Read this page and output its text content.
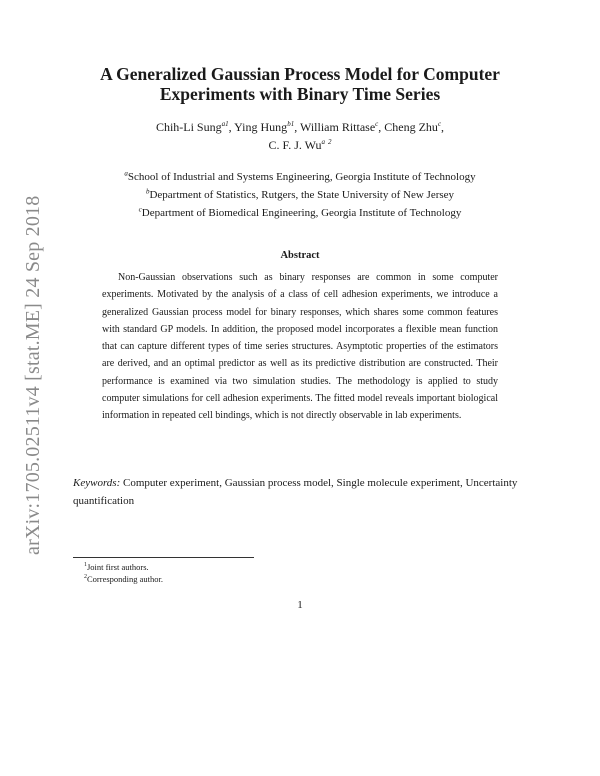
arXiv:1705.02511v4 [stat.ME] 24 Sep 2018
A Generalized Gaussian Process Model for Computer
Experiments with Binary Time Series
Chih-Li Sung$^{a1}$, Ying Hung$^{b1}$, William Rittase$^c$, Cheng Zhu$^c$,
C. F. J. Wu$^a$ $^2$
$^a$School of Industrial and Systems Engineering, Georgia Institute of Technology
$^b$Department of Statistics, Rutgers, the State University of New Jersey
$^c$Department of Biomedical Engineering, Georgia Institute of Technology
Abstract
Non-Gaussian observations such as binary responses are common in some computer experiments. Motivated by the analysis of a class of cell adhesion experiments, we introduce a generalized Gaussian process model for binary responses, which shares some common features with standard GP models. In addition, the proposed model incorporates a flexible mean function that can capture different types of time series structures. Asymptotic properties of the estimators are derived, and an optimal predictor as well as its predictive distribution are constructed. Their performance is examined via two simulation studies. The methodology is applied to study computer simulations for cell adhesion experiments. The fitted model reveals important biological information in repeated cell bindings, which is not directly observable in lab experiments.
Keywords: Computer experiment, Gaussian process model, Single molecule experiment, Uncertainty quantification
$^1$Joint first authors.
$^2$Corresponding author.
1
